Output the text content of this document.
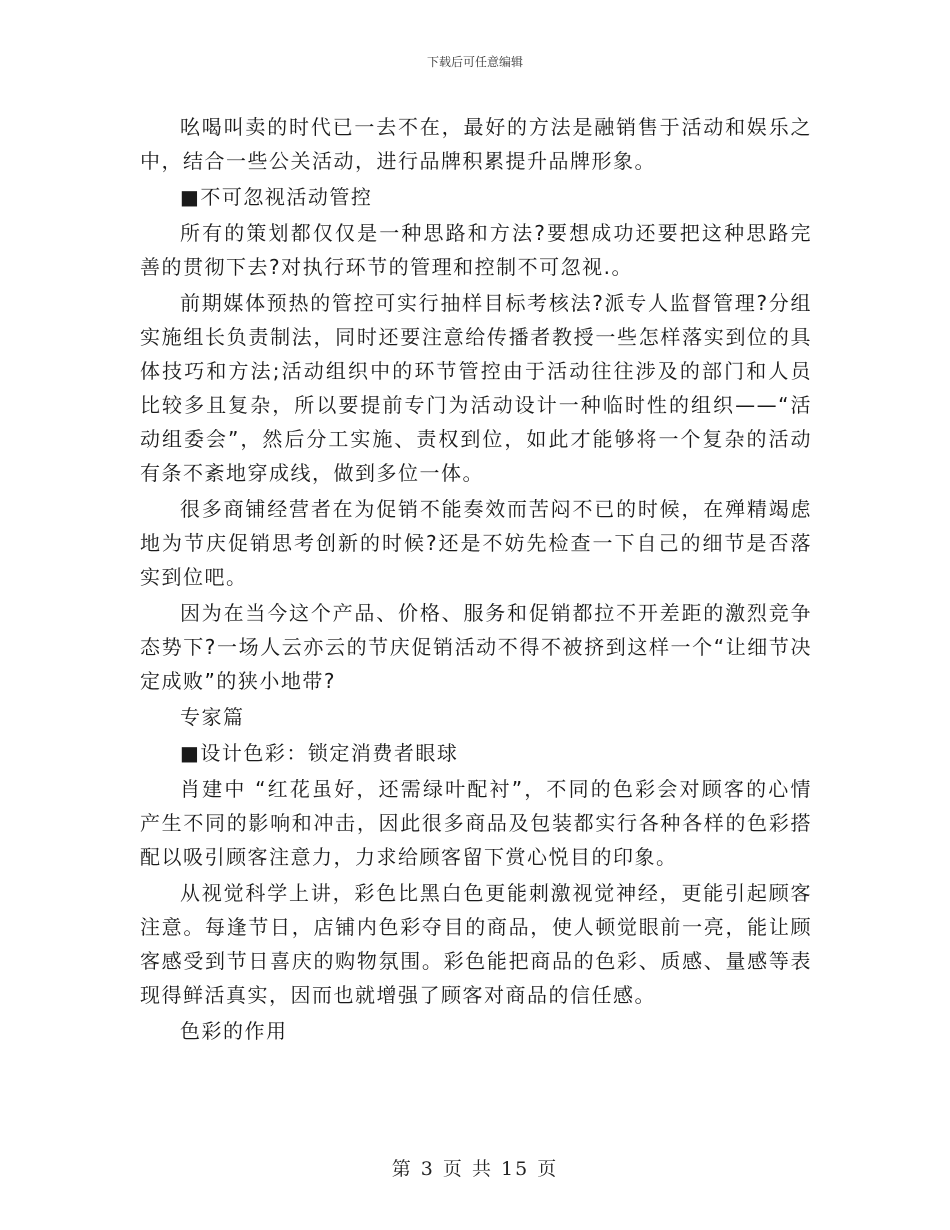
下载后可任意编辑

吆喝叫卖的时代已一去不在，最好的方法是融销售于活动和娱乐之中，结合一些公关活动，进行品牌积累提升品牌形象。

■不可忽视活动管控

所有的策划都仅仅是一种思路和方法?要想成功还要把这种思路完善的贯彻下去?对执行环节的管理和控制不可忽视.。

前期媒体预热的管控可实行抽样目标考核法?派专人监督管理?分组实施组长负责制法，同时还要注意给传播者教授一些怎样落实到位的具体技巧和方法;活动组织中的环节管控由于活动往往涉及的部门和人员比较多且复杂，所以要提前专门为活动设计一种临时性的组织——“活动组委会”，然后分工实施、责权到位，如此才能够将一个复杂的活动有条不紊地穿成线，做到多位一体。

很多商铺经营者在为促销不能奏效而苦闷不已的时候，在殚精竭虑地为节庆促销思考创新的时候?还是不妨先检查一下自己的细节是否落实到位吧。

因为在当今这个产品、价格、服务和促销都拉不开差距的激烈竞争态势下?一场人云亦云的节庆促销活动不得不被挤到这样一个“让细节决定成败”的狭小地带?

专家篇

■设计色彩：锁定消费者眼球

肖建中 “红花虽好，还需绿叶配衬”，不同的色彩会对顾客的心情产生不同的影响和冲击，因此很多商品及包装都实行各种各样的色彩搭配以吸引顾客注意力，力求给顾客留下赏心悦目的印象。

从视觉科学上讲，彩色比黑白色更能刺激视觉神经，更能引起顾客注意。每逢节日，店铺内色彩夺目的商品，使人顿觉眼前一亮，能让顾客感受到节日喜庆的购物氛围。彩色能把商品的色彩、质感、量感等表现得鲜活真实，因而也就增强了顾客对商品的信任感。

色彩的作用

第 3 页 共 15 页
